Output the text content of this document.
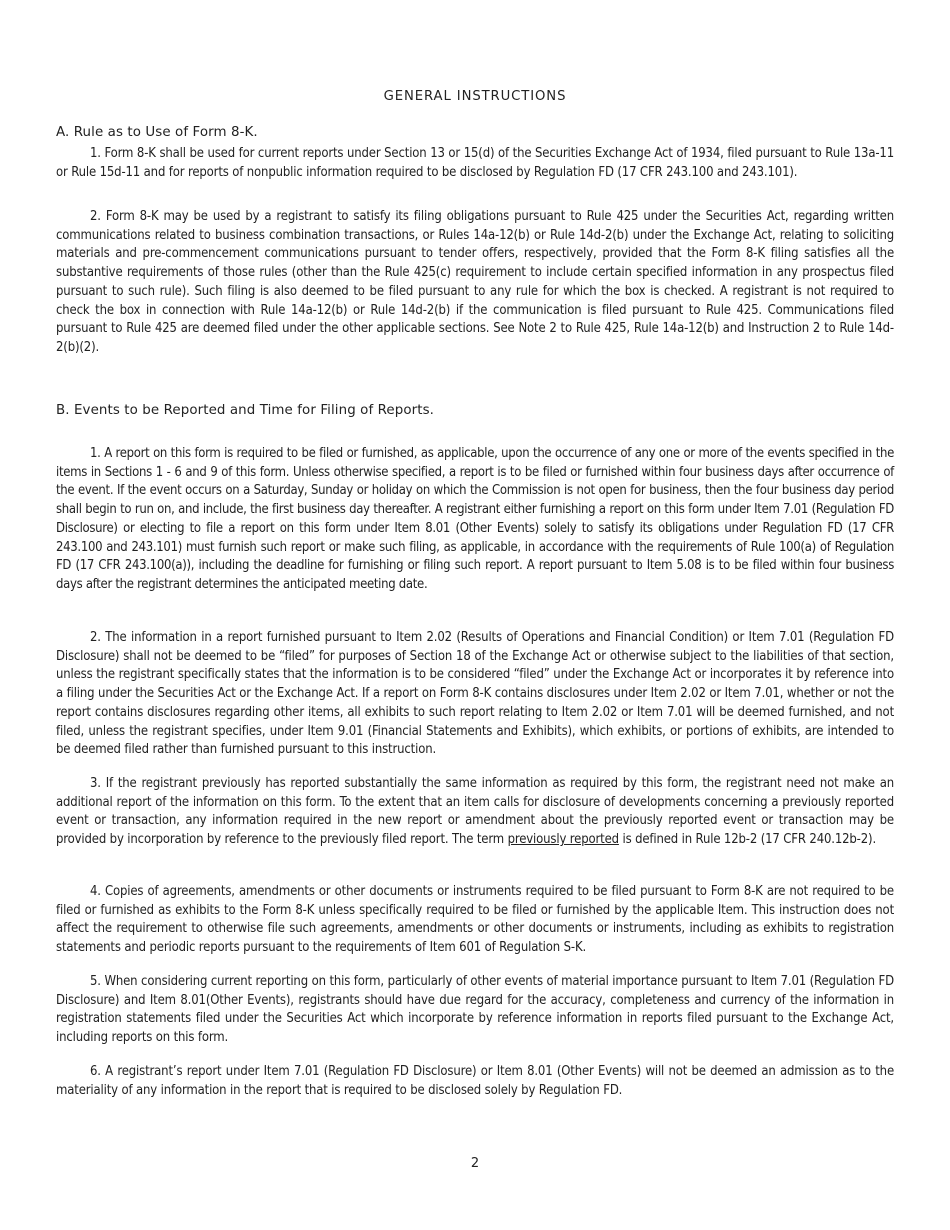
GENERAL INSTRUCTIONS
A. Rule as to Use of Form 8-K.

1. Form 8-K shall be used for current reports under Section 13 or 15(d) of the Securities Exchange Act of 1934, filed pursuant to Rule 13a-11 or Rule 15d-11 and for reports of nonpublic information required to be disclosed by Regulation FD (17 CFR 243.100 and 243.101).

2. Form 8-K may be used by a registrant to satisfy its filing obligations pursuant to Rule 425 under the Securities Act, regarding written communications related to business combination transactions, or Rules 14a-12(b) or Rule 14d-2(b) under the Exchange Act, relating to soliciting materials and pre-commencement communications pursuant to tender offers, respectively, provided that the Form 8-K filing satisfies all the substantive requirements of those rules (other than the Rule 425(c) requirement to include certain specified information in any prospectus filed pursuant to such rule). Such filing is also deemed to be filed pursuant to any rule for which the box is checked. A registrant is not required to check the box in connection with Rule 14a-12(b) or Rule 14d-2(b) if the communication is filed pursuant to Rule 425. Communications filed pursuant to Rule 425 are deemed filed under the other applicable sections. See Note 2 to Rule 425, Rule 14a-12(b) and Instruction 2 to Rule 14d-2(b)(2).

B. Events to be Reported and Time for Filing of Reports.

1. A report on this form is required to be filed or furnished, as applicable, upon the occurrence of any one or more of the events specified in the items in Sections 1 - 6 and 9 of this form. Unless otherwise specified, a report is to be filed or furnished within four business days after occurrence of the event. If the event occurs on a Saturday, Sunday or holiday on which the Commission is not open for business, then the four business day period shall begin to run on, and include, the first business day thereafter. A registrant either furnishing a report on this form under Item 7.01 (Regulation FD Disclosure) or electing to file a report on this form under Item 8.01 (Other Events) solely to satisfy its obligations under Regulation FD (17 CFR 243.100 and 243.101) must furnish such report or make such filing, as applicable, in accordance with the requirements of Rule 100(a) of Regulation FD (17 CFR 243.100(a)), including the deadline for furnishing or filing such report. A report pursuant to Item 5.08 is to be filed within four business days after the registrant determines the anticipated meeting date.

2. The information in a report furnished pursuant to Item 2.02 (Results of Operations and Financial Condition) or Item 7.01 (Regulation FD Disclosure) shall not be deemed to be “filed” for purposes of Section 18 of the Exchange Act or otherwise subject to the liabilities of that section, unless the registrant specifically states that the information is to be considered “filed” under the Exchange Act or incorporates it by reference into a filing under the Securities Act or the Exchange Act. If a report on Form 8-K contains disclosures under Item 2.02 or Item 7.01, whether or not the report contains disclosures regarding other items, all exhibits to such report relating to Item 2.02 or Item 7.01 will be deemed furnished, and not filed, unless the registrant specifies, under Item 9.01 (Financial Statements and Exhibits), which exhibits, or portions of exhibits, are intended to be deemed filed rather than furnished pursuant to this instruction.

3. If the registrant previously has reported substantially the same information as required by this form, the registrant need not make an additional report of the information on this form. To the extent that an item calls for disclosure of developments concerning a previously reported event or transaction, any information required in the new report or amendment about the previously reported event or transaction may be provided by incorporation by reference to the previously filed report. The term previously reported is defined in Rule 12b-2 (17 CFR 240.12b-2).

4. Copies of agreements, amendments or other documents or instruments required to be filed pursuant to Form 8-K are not required to be filed or furnished as exhibits to the Form 8-K unless specifically required to be filed or furnished by the applicable Item. This instruction does not affect the requirement to otherwise file such agreements, amendments or other documents or instruments, including as exhibits to registration statements and periodic reports pursuant to the requirements of Item 601 of Regulation S-K.

5. When considering current reporting on this form, particularly of other events of material importance pursuant to Item 7.01 (Regulation FD Disclosure) and Item 8.01(Other Events), registrants should have due regard for the accuracy, completeness and currency of the information in registration statements filed under the Securities Act which incorporate by reference information in reports filed pursuant to the Exchange Act, including reports on this form.

6. A registrant’s report under Item 7.01 (Regulation FD Disclosure) or Item 8.01 (Other Events) will not be deemed an admission as to the materiality of any information in the report that is required to be disclosed solely by Regulation FD.

2
